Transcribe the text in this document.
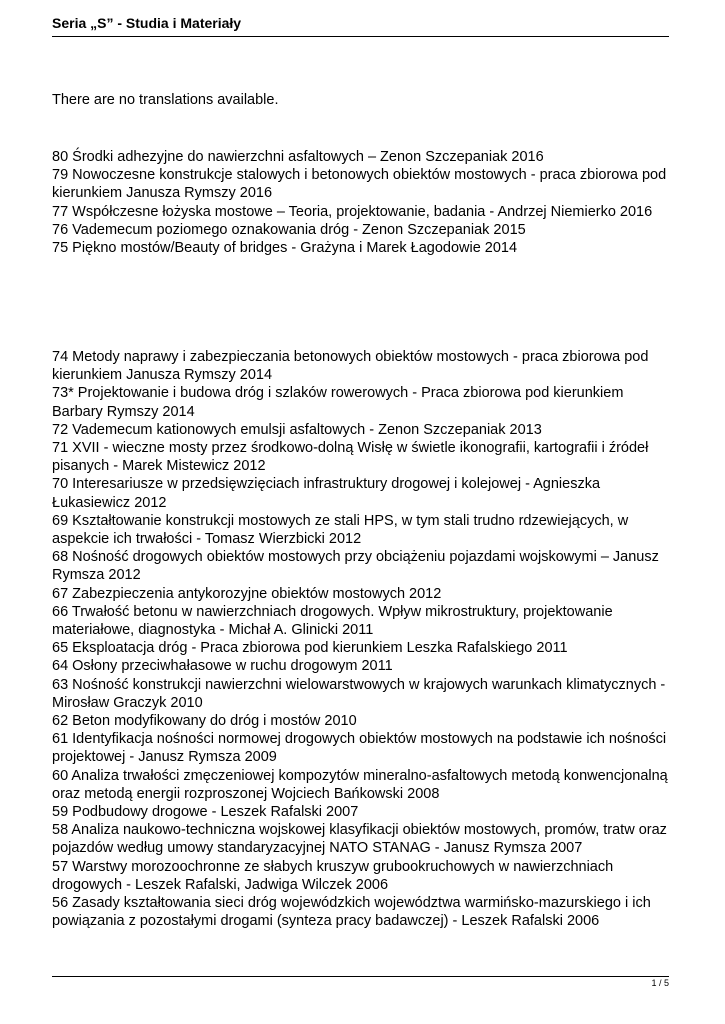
Seria „S” - Studia i Materiały
There are no translations available.
80 Środki adhezyjne do nawierzchni asfaltowych – Zenon Szczepaniak 2016
79 Nowoczesne konstrukcje stalowych i betonowych obiektów mostowych - praca zbiorowa pod kierunkiem Janusza Rymszy 2016
77 Współczesne łożyska mostowe – Teoria, projektowanie, badania - Andrzej Niemierko 2016
76 Vademecum poziomego oznakowania dróg - Zenon Szczepaniak 2015
75 Piękno mostów/Beauty of bridges - Grażyna i Marek Łagodowie 2014
74 Metody naprawy i zabezpieczania betonowych obiektów mostowych - praca zbiorowa pod kierunkiem Janusza Rymszy 2014
73* Projektowanie i budowa dróg i szlaków rowerowych - Praca zbiorowa pod kierunkiem Barbary Rymszy 2014
72 Vademecum kationowych emulsji asfaltowych - Zenon Szczepaniak 2013
71 XVII - wieczne mosty przez środkowo-dolną Wisłę w świetle ikonografii, kartografii i źródeł pisanych - Marek Mistewicz 2012
70 Interesariusze w przedsięwzięciach infrastruktury drogowej i kolejowej - Agnieszka Łukasiewicz 2012
69 Kształtowanie konstrukcji mostowych ze stali HPS, w tym stali trudno rdzewiejących, w aspekcie ich trwałości - Tomasz Wierzbicki 2012
68 Nośność drogowych obiektów mostowych przy obciążeniu pojazdami wojskowymi – Janusz Rymsza 2012
67 Zabezpieczenia antykorozyjne obiektów mostowych 2012
66 Trwałość betonu w nawierzchniach drogowych. Wpływ mikrostruktury, projektowanie materiałowe, diagnostyka - Michał A. Glinicki 2011
65 Eksploatacja dróg - Praca zbiorowa pod kierunkiem Leszka Rafalskiego 2011
64 Osłony przeciwhałasowe w ruchu drogowym 2011
63 Nośność konstrukcji nawierzchni wielowarstwowych w krajowych warunkach klimatycznych - Mirosław Graczyk 2010
62 Beton modyfikowany do dróg i mostów 2010
61 Identyfikacja nośności normowej drogowych obiektów mostowych na podstawie ich nośności projektowej - Janusz Rymsza 2009
60 Analiza trwałości zmęczeniowej kompozytów mineralno-asfaltowych metodą konwencjonalną oraz metodą energii rozproszonej Wojciech Bańkowski 2008
59 Podbudowy drogowe - Leszek Rafalski 2007
58 Analiza naukowo-techniczna wojskowej klasyfikacji obiektów mostowych, promów, tratw oraz pojazdów według umowy standaryzacyjnej NATO STANAG - Janusz Rymsza 2007
57 Warstwy morozoochronne ze słabych kruszyw grubookruchowych w nawierzchniach drogowych - Leszek Rafalski, Jadwiga Wilczek 2006
56 Zasady kształtowania sieci dróg wojewódzkich województwa warmińsko-mazurskiego i ich powiązania z pozostałymi drogami (synteza pracy badawczej) - Leszek Rafalski 2006
1 / 5
